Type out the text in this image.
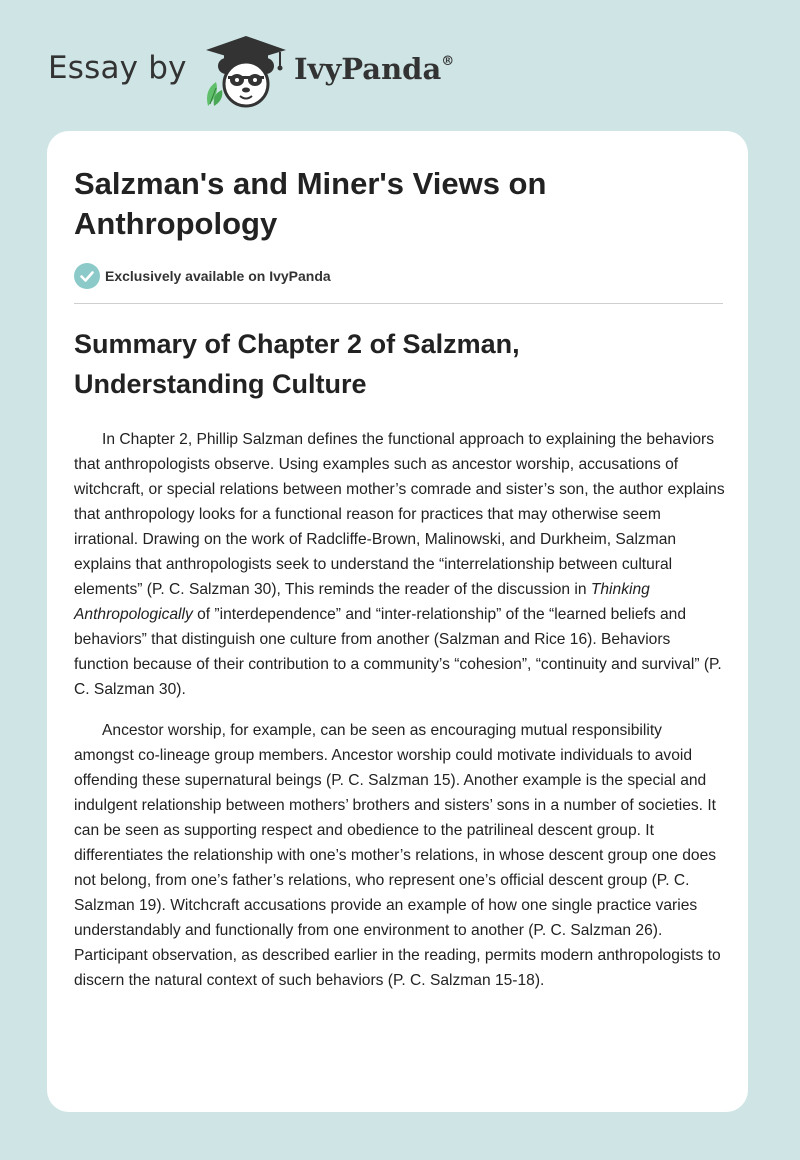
Essay by	IvyPanda®
Salzman's and Miner's Views on Anthropology
Exclusively available on IvyPanda
Summary of Chapter 2 of Salzman, Understanding Culture

In Chapter 2, Phillip Salzman defines the functional approach to explaining the behaviors that anthropologists observe. Using examples such as ancestor worship, accusations of witchcraft, or special relations between mother’s comrade and sister’s son, the author explains that anthropology looks for a functional reason for practices that may otherwise seem irrational. Drawing on the work of Radcliffe-Brown, Malinowski, and Durkheim, Salzman explains that anthropologists seek to understand the “interrelationship between cultural elements” (P. C. Salzman 30), This reminds the reader of the discussion in Thinking Anthropologically of ”interdependence” and “inter-relationship” of the “learned beliefs and behaviors” that distinguish one culture from another (Salzman and Rice 16). Behaviors function because of their contribution to a community’s “cohesion”, “continuity and survival” (P. C. Salzman 30).

Ancestor worship, for example, can be seen as encouraging mutual responsibility amongst co-lineage group members. Ancestor worship could motivate individuals to avoid offending these supernatural beings (P. C. Salzman 15). Another example is the special and indulgent relationship between mothers’ brothers and sisters’ sons in a number of societies. It can be seen as supporting respect and obedience to the patrilineal descent group. It differentiates the relationship with one’s mother’s relations, in whose descent group one does not belong, from one’s father’s relations, who represent one’s official descent group (P. C. Salzman 19). Witchcraft accusations provide an example of how one single practice varies understandably and functionally from one environment to another (P. C. Salzman 26). Participant observation, as described earlier in the reading, permits modern anthropologists to discern the natural context of such behaviors (P. C. Salzman 15-18).
